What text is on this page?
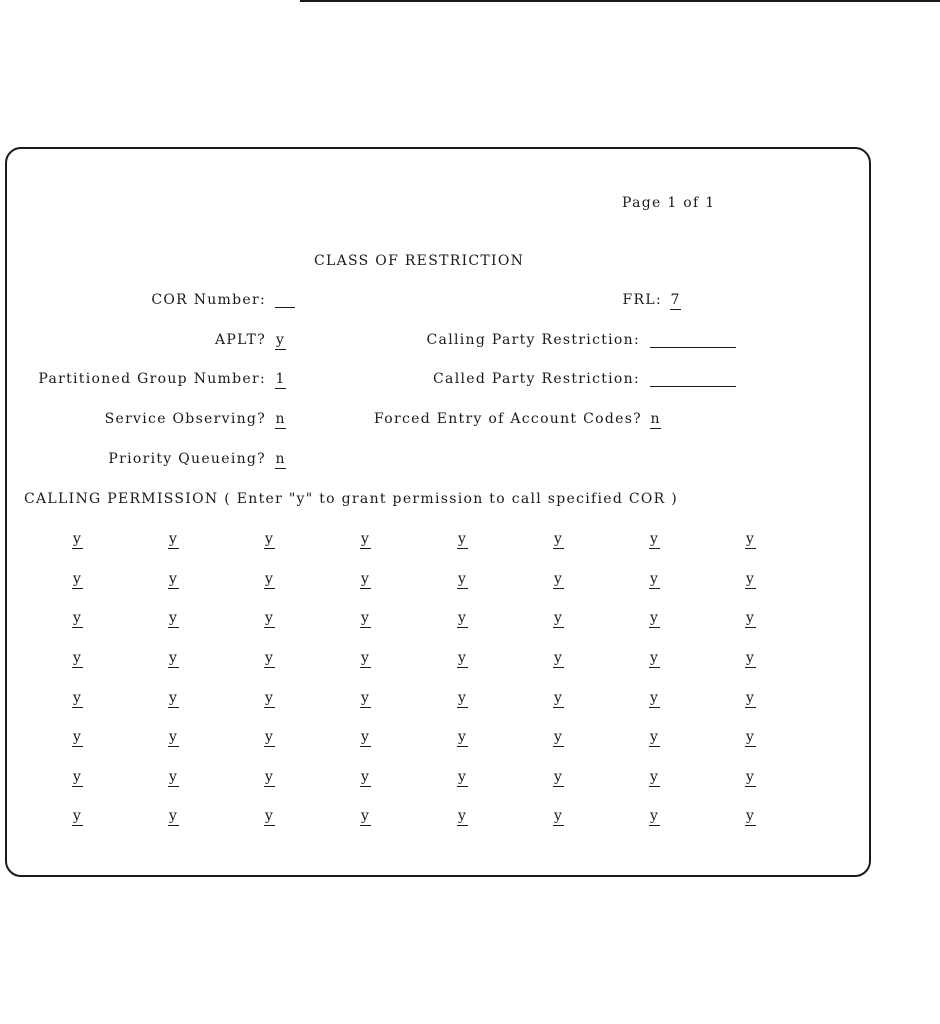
Page 1 of 1
CLASS OF RESTRICTION
COR Number:
APLT? y
Partitioned Group Number: 1
Service Observing? n
Priority Queueing? n
FRL: 7
Calling Party Restriction:
Called Party Restriction:
Forced Entry of Account Codes? n
CALLING PERMISSION ( Enter "y" to grant permission to call specified COR )
y
y
y
y
y
y
y
y
y
y
y
y
y
y
y
y
y
y
y
y
y
y
y
y
y
y
y
y
y
y
y
y
y
y
y
y
y
y
y
y
y
y
y
y
y
y
y
y
y
y
y
y
y
y
y
y
y
y
y
y
y
y
y
y
